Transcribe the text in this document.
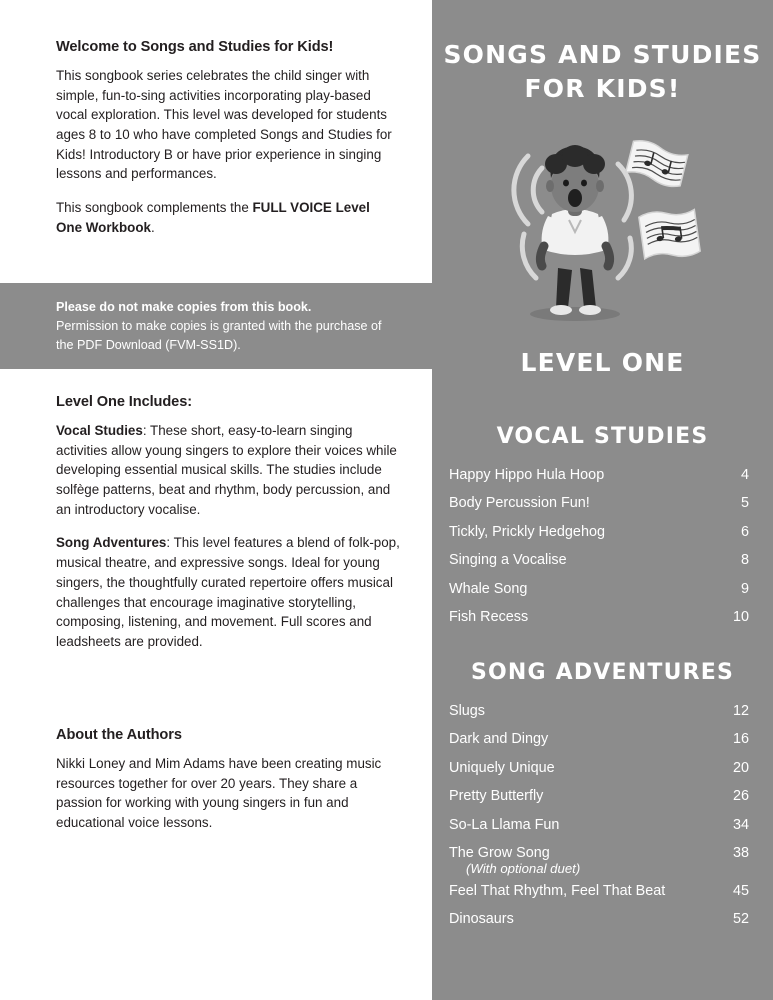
Welcome to Songs and Studies for Kids!

This songbook series celebrates the child singer with simple, fun-to-sing activities incorporating play-based vocal exploration. This level was developed for students ages 8 to 10 who have completed Songs and Studies for Kids! Introductory B or have prior experience in singing lessons and performances.

This songbook complements the FULL VOICE Level One Workbook.

Please do not make copies from this book.

Permission to make copies is granted with the purchase of the PDF Download (FVM-SS1D).

Level One Includes:

Vocal Studies: These short, easy-to-learn singing activities allow young singers to explore their voices while developing essential musical skills. The studies include solfège patterns, beat and rhythm, body percussion, and an introductory vocalise.

Song Adventures: This level features a blend of folk-pop, musical theatre, and expressive songs. Ideal for young singers, the thoughtfully curated repertoire offers musical challenges that encourage imaginative storytelling, composing, listening, and movement. Full scores and leadsheets are provided.

About the Authors

Nikki Loney and Mim Adams have been creating music resources together for over 20 years. They share a passion for working with young singers in fun and educational voice lessons.

SONGS AND STUDIES
FOR KIDS!
LEVEL ONE
VOCAL STUDIES
Happy Hippo Hula Hoop	4
Body Percussion Fun!	5
Tickly, Prickly Hedgehog	6
Singing a Vocalise	8
Whale Song	9
Fish Recess	10
SONG ADVENTURES
Slugs	12
Dark and Dingy	16
Uniquely Unique	20
Pretty Butterfly	26
So-La Llama Fun	34
The Grow Song	38
(With optional duet)
Feel That Rhythm, Feel That Beat	45
Dinosaurs	52
